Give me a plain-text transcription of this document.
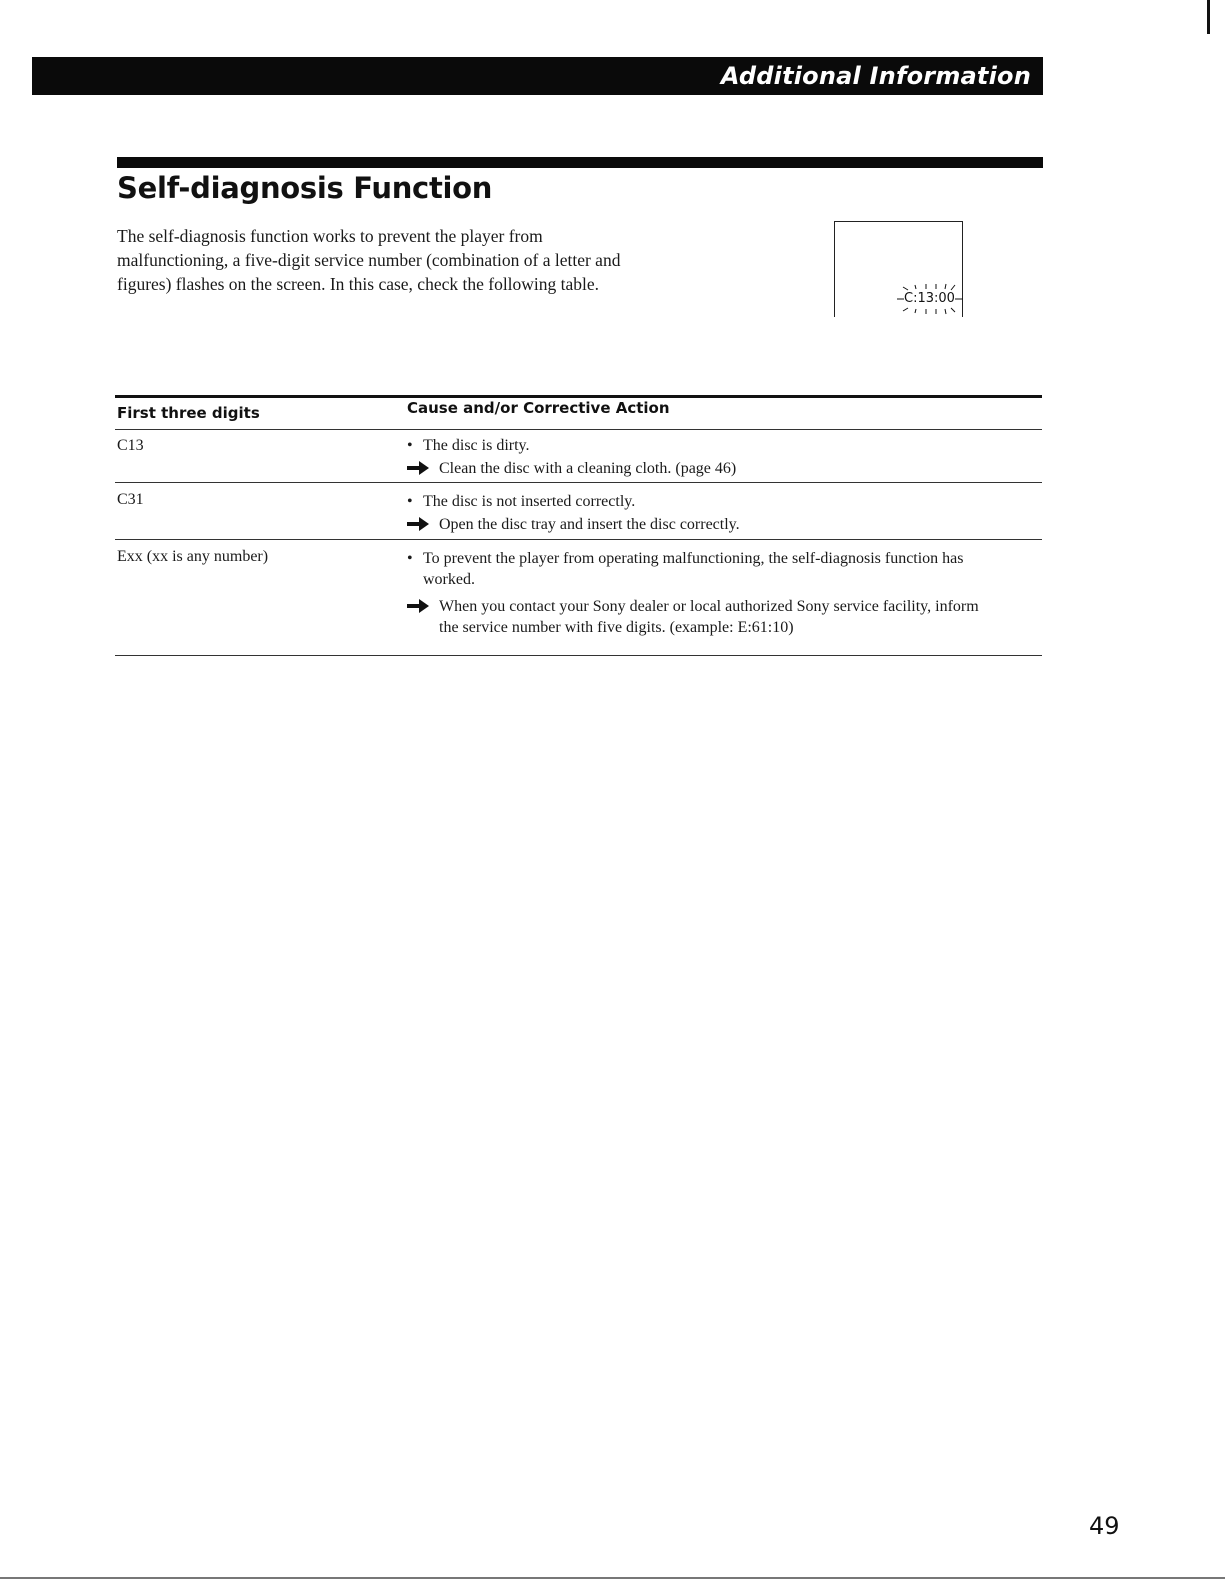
Additional Information
Self-diagnosis Function

The self-diagnosis function works to prevent the player from
malfunctioning, a five-digit service number (combination of a letter and
figures) flashes on the screen. In this case, check the following table.

C:13:00
First three digits	Cause and/or Corrective Action
C13	• The disc is dirty.
Clean the disc with a cleaning cloth. (page 46)
C31	• The disc is not inserted correctly.
Open the disc tray and insert the disc correctly.
Exx (xx is any number)	• To prevent the player from operating malfunctioning, the self-diagnosis function has
worked.
When you contact your Sony dealer or local authorized Sony service facility, inform
the service number with five digits. (example: E:61:10)
49
